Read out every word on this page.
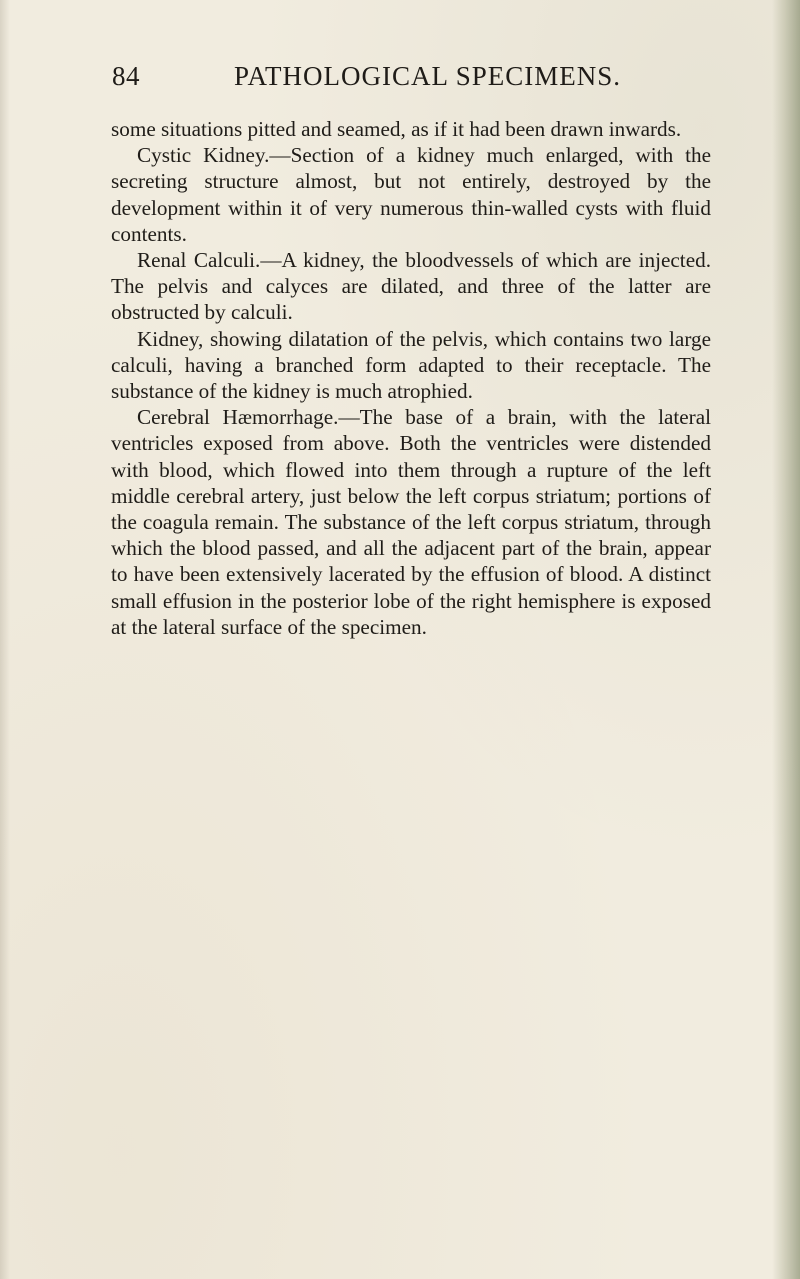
84	PATHOLOGICAL SPECIMENS.

some situations pitted and seamed, as if it had been drawn inwards.

Cystic Kidney.—Section of a kidney much enlarged, with the secreting structure almost, but not entirely, destroyed by the development within it of very numerous thin-walled cysts with fluid contents.

Renal Calculi.—A kidney, the bloodvessels of which are injected. The pelvis and calyces are dilated, and three of the latter are obstructed by calculi.

Kidney, showing dilatation of the pelvis, which contains two large calculi, having a branched form adapted to their receptacle. The substance of the kidney is much atrophied.

Cerebral Hæmorrhage.—The base of a brain, with the lateral ventricles exposed from above. Both the ventricles were distended with blood, which flowed into them through a rupture of the left middle cerebral artery, just below the left corpus striatum; portions of the coagula remain. The substance of the left corpus striatum, through which the blood passed, and all the adjacent part of the brain, appear to have been extensively lacerated by the effusion of blood. A distinct small effusion in the posterior lobe of the right hemisphere is exposed at the lateral surface of the specimen.
